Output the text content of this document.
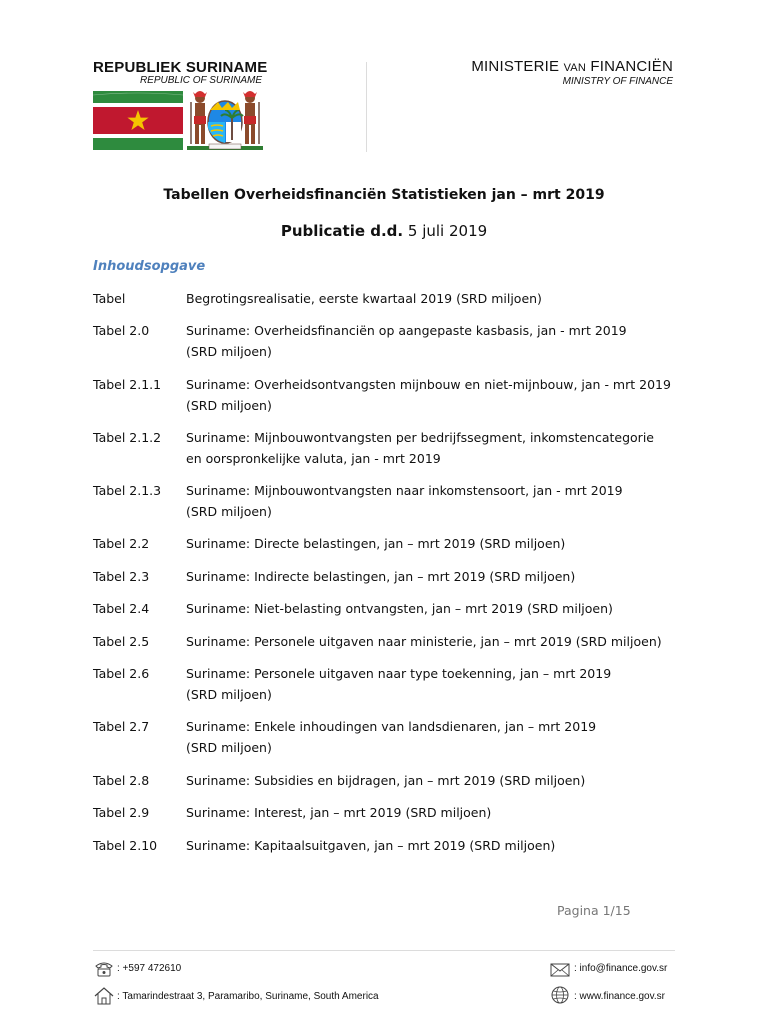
REPUBLIEK SURINAME
REPUBLIC OF SURINAME
MINISTERIE VAN FINANCIËN
MINISTRY OF FINANCE
Tabellen Overheidsfinanciën Statistieken jan – mrt 2019
Publicatie d.d. 5 juli 2019
Inhoudsopgave
Tabel	Begrotingsrealisatie, eerste kwartaal 2019 (SRD miljoen)

Tabel 2.0	Suriname: Overheidsfinanciën op aangepaste kasbasis, jan - mrt 2019
(SRD miljoen)
Tabel 2.1.1	Suriname: Overheidsontvangsten mijnbouw en niet-mijnbouw, jan - mrt 2019
(SRD miljoen)
Tabel 2.1.2	Suriname: Mijnbouwontvangsten per bedrijfssegment, inkomstencategorie
en oorspronkelijke valuta, jan - mrt 2019
Tabel 2.1.3	Suriname: Mijnbouwontvangsten naar inkomstensoort, jan - mrt 2019
(SRD miljoen)
Tabel 2.2	Suriname: Directe belastingen, jan – mrt 2019 (SRD miljoen)

Tabel 2.3	Suriname: Indirecte belastingen, jan – mrt 2019 (SRD miljoen)

Tabel 2.4	Suriname: Niet-belasting ontvangsten, jan – mrt 2019 (SRD miljoen)

Tabel 2.5	Suriname: Personele uitgaven naar ministerie, jan – mrt 2019 (SRD miljoen)

Tabel 2.6	Suriname: Personele uitgaven naar type toekenning, jan – mrt 2019
(SRD miljoen)
Tabel 2.7	Suriname: Enkele inhoudingen van landsdienaren, jan – mrt 2019
(SRD miljoen)
Tabel 2.8	Suriname: Subsidies en bijdragen, jan – mrt 2019 (SRD miljoen)

Tabel 2.9	Suriname: Interest, jan – mrt 2019 (SRD miljoen)

Tabel 2.10	Suriname: Kapitaalsuitgaven, jan – mrt 2019 (SRD miljoen)

Pagina 1/15
: +597 472610
: Tamarindestraat 3, Paramaribo, Suriname, South America
: info@finance.gov.sr
: www.finance.gov.sr
